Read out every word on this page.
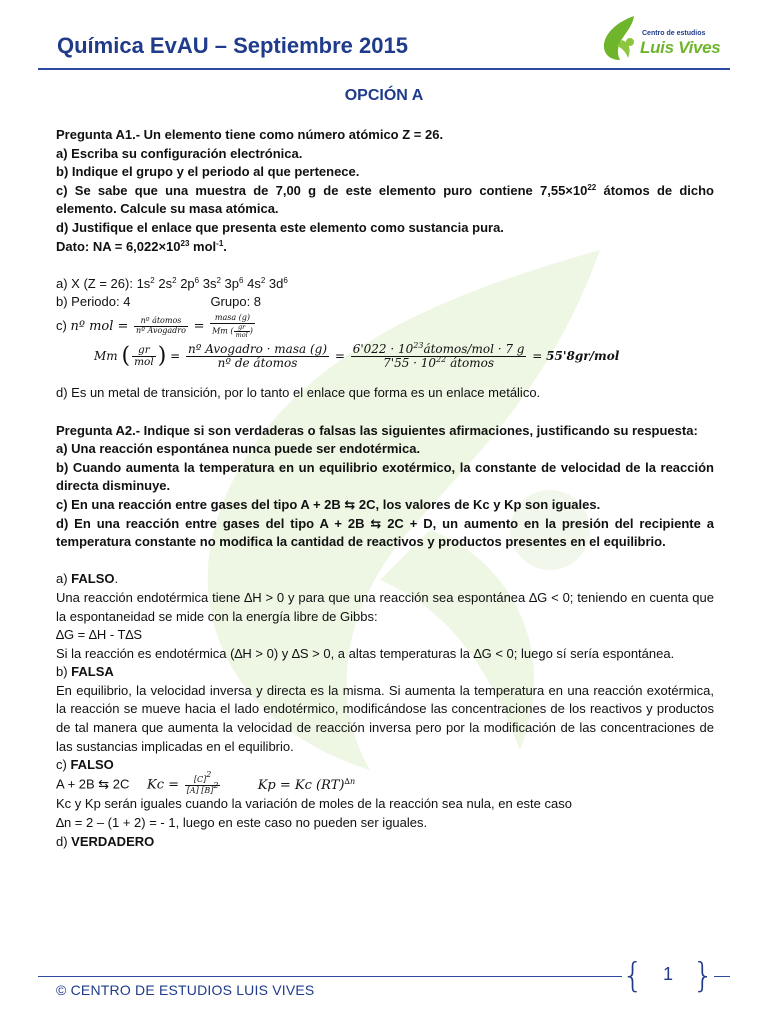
Química EvAU – Septiembre 2015	Centro de estudios
Luis Vives
OPCIÓN A

Pregunta A1.- Un elemento tiene como número atómico Z = 26.

a) Escriba su configuración electrónica.

b) Indique el grupo y el periodo al que pertenece.

c) Se sabe que una muestra de 7,00 g de este elemento puro contiene $7,55\times 10^{22}$ átomos de dicho elemento. Calcule su masa atómica.

d) Justifique el enlace que presenta este elemento como sustancia pura.

Dato: NA = $6,022\times 10^{23}$ mol$^{-1}$.

a) X (Z = 26): $1s^2$ $2s^2$ $2p^6$ $3s^2$ $3p^6$ $4s^2$ $3d^6$

b) Periodo: 4	Grupo: 8

c) nº mol = $\frac{\text{nº átomos}}{\text{nº Avogadro}} = \frac{\text{masa (g)}}{Mm ( \frac{gr}{\text{mol}} )}$

Mm ( $\frac{gr}{\text{mol}}$ ) = $\frac{\text{nº Avogadro · masa (g)}}{\text{nº de átomos}} = \frac{6'022 \cdot 10^{23}átomos/mol \cdot 7 g}{7'55 \cdot 10^{22} átomos} = 55'8gr/mol$

d) Es un metal de transición, por lo tanto el enlace que forma es un enlace metálico.

Pregunta A2.- Indique si son verdaderas o falsas las siguientes afirmaciones, justificando su respuesta:

a) Una reacción espontánea nunca puede ser endotérmica.

b) Cuando aumenta la temperatura en un equilibrio exotérmico, la constante de velocidad de la reacción directa disminuye.

c) En una reacción entre gases del tipo A + 2B ⇆ 2C, los valores de Kc y Kp son iguales.

d) En una reacción entre gases del tipo A + 2B ⇆ 2C + D, un aumento en la presión del recipiente a temperatura constante no modifica la cantidad de reactivos y productos presentes en el equilibrio.

a) FALSO.

Una reacción endotérmica tiene ∆H > 0 y para que una reacción sea espontánea ∆G < 0; teniendo en cuenta que la espontaneidad se mide con la energía libre de Gibbs:

∆G = ∆H - T∆S

Si la reacción es endotérmica (∆H > 0) y ∆S > 0, a altas temperaturas la ∆G < 0; luego sí sería espontánea.

b) FALSA

En equilibrio, la velocidad inversa y directa es la misma. Si aumenta la temperatura en una reacción exotérmica, la reacción se mueve hacia el lado endotérmico, modificándose las concentraciones de los reactivos y productos de tal manera que aumenta la velocidad de reacción inversa pero por la modificación de las concentraciones de las sustancias implicadas en el equilibrio.

c) FALSO

A + 2B ⇆ 2C $Kc = \frac{[C]^2}{[A] [B]^2}$	Kp = Kc (RT)$^{\Delta n}$

Kc y Kp serán iguales cuando la variación de moles de la reacción sea nula, en este caso

∆n = 2 – (1 + 2) = - 1, luego en este caso no pueden ser iguales.

d) VERDADERO

{	1 }
© CENTRO DE ESTUDIOS LUIS VIVES
